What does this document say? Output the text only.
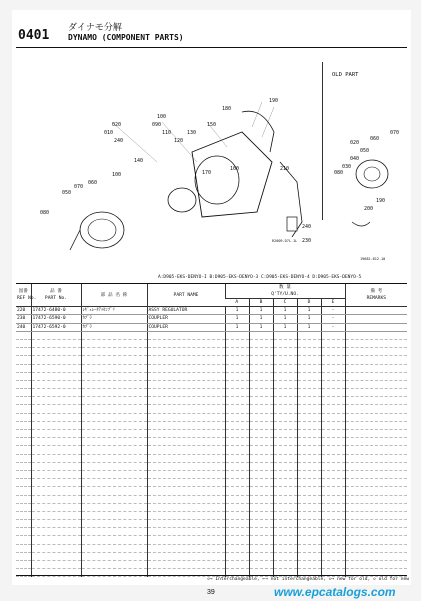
0401 ダイナモ分解
DYNAMO (COMPONENT PARTS)
190
180
150
130
210
100
090
110
120
020
010
240
140
170
160
100
060
070
050
080
240
230
R2009-D7L-1L
19682-812-10
020
060
070
050
040
030
080
190
200
OLD PART
A:D905-EKS-DENYO-I B:D905-EKS-DENYO-3 C:D905-EKS-DENYO-4 D:D905-EKS-DENYO-5
図番
REF No.	品 番
PART No.	部 品 名 称	PART NAME	数 量
Q'TY/U.NO.					備 考
REMARKS
				A	B	C	D	E	
220	17472-6480-0	ﾚｷﾞｭﾚｰﾀｱｯｾﾝﾌﾞﾘ	ASSY REGULATOR	1	1	1	1	-	
230	17472-6590-0	ｶﾌﾟﾗ	COUPLER	1	1	1	1	-	
240	17472-6592-0	ｶﾌﾟﾗ	COUPLER	1	1	1	1	-	

◇→ Interchangeable, ←→ not interchangeable, ◇→ new for old, ◇ old for new
39	www.epcatalogs.com
